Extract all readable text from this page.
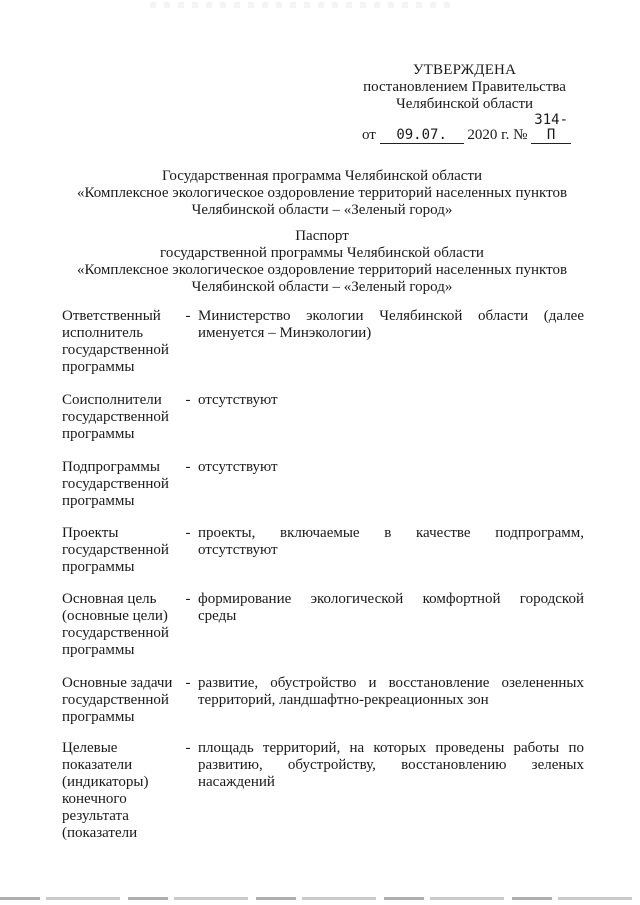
УТВЕРЖДЕНА
постановлением Правительства
Челябинской области
от 09.07. 2020 г. № 314-П
Государственная программа Челябинской области
«Комплексное экологическое оздоровление территорий населенных пунктов
Челябинской области – «Зеленый город»
Паспорт
государственной программы Челябинской области
«Комплексное экологическое оздоровление территорий населенных пунктов
Челябинской области – «Зеленый город»
Ответственный
исполнитель
государственной
программы
- Министерство экологии Челябинской области (далее
именуется – Минэкологии)
Соисполнители
государственной
программы
- отсутствуют
Подпрограммы
государственной
программы
- отсутствуют
Проекты
государственной
программы
- проекты, включаемые в качестве подпрограмм,
отсутствуют
Основная цель
(основные цели)
государственной
программы
- формирование экологической комфортной городской
среды
Основные задачи
государственной
программы
- развитие, обустройство и восстановление озелененных
территорий, ландшафтно-рекреационных зон
Целевые
показатели
(индикаторы)
конечного
результата
(показатели
- площадь территорий, на которых проведены работы по
развитию, обустройству, восстановлению зеленых
насаждений
